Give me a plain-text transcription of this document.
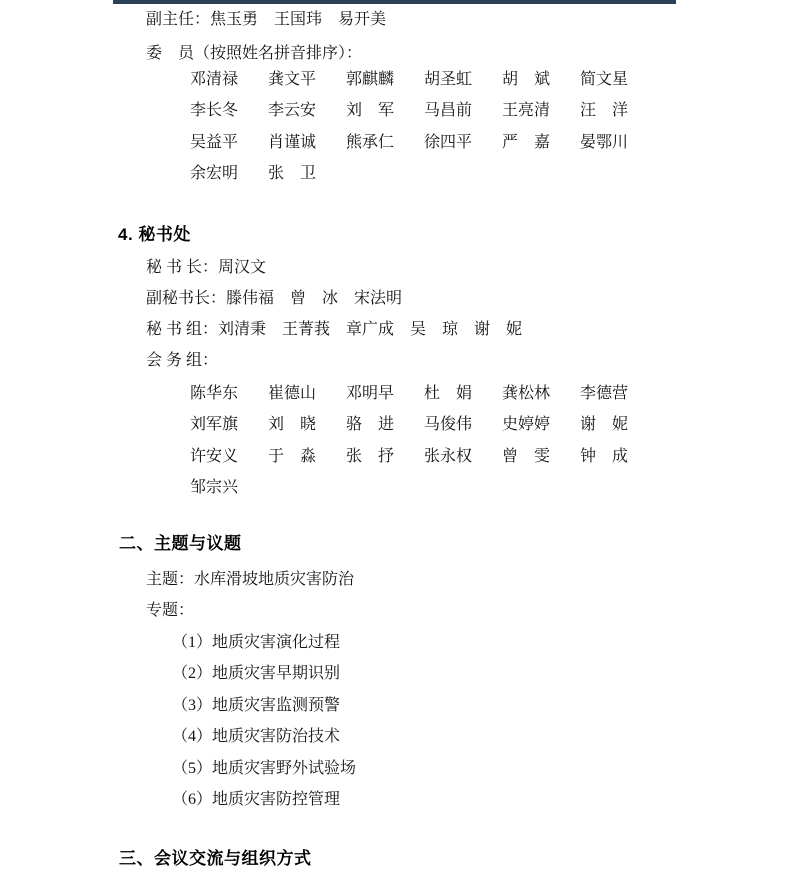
副主任：焦玉勇　王国玮　易开美
委　员（按照姓名拼音排序）：
邓清禄 龚文平 郭麒麟 胡圣虹 胡　斌 简文星
李长冬 李云安 刘　军 马昌前 王亮清 汪　洋
吴益平 肖谨诚 熊承仁 徐四平 严　嘉 晏鄂川
余宏明 张　卫
4. 秘书处
秘 书 长：周汉文
副秘书长：滕伟福　曾　冰　宋法明
秘 书 组：刘清秉　王菁莪　章广成　吴　琼　谢　妮
会 务 组：
陈华东 崔德山 邓明早 杜　娟 龚松林 李德营
刘军旗 刘　晓 骆　进 马俊伟 史婷婷 谢　妮
许安义 于　淼 张　抒 张永权 曾　雯 钟　成
邹宗兴
二、主题与议题
主题：水库滑坡地质灾害防治
专题：
（1）地质灾害演化过程
（2）地质灾害早期识别
（3）地质灾害监测预警
（4）地质灾害防治技术
（5）地质灾害野外试验场
（6）地质灾害防控管理
三、会议交流与组织方式
